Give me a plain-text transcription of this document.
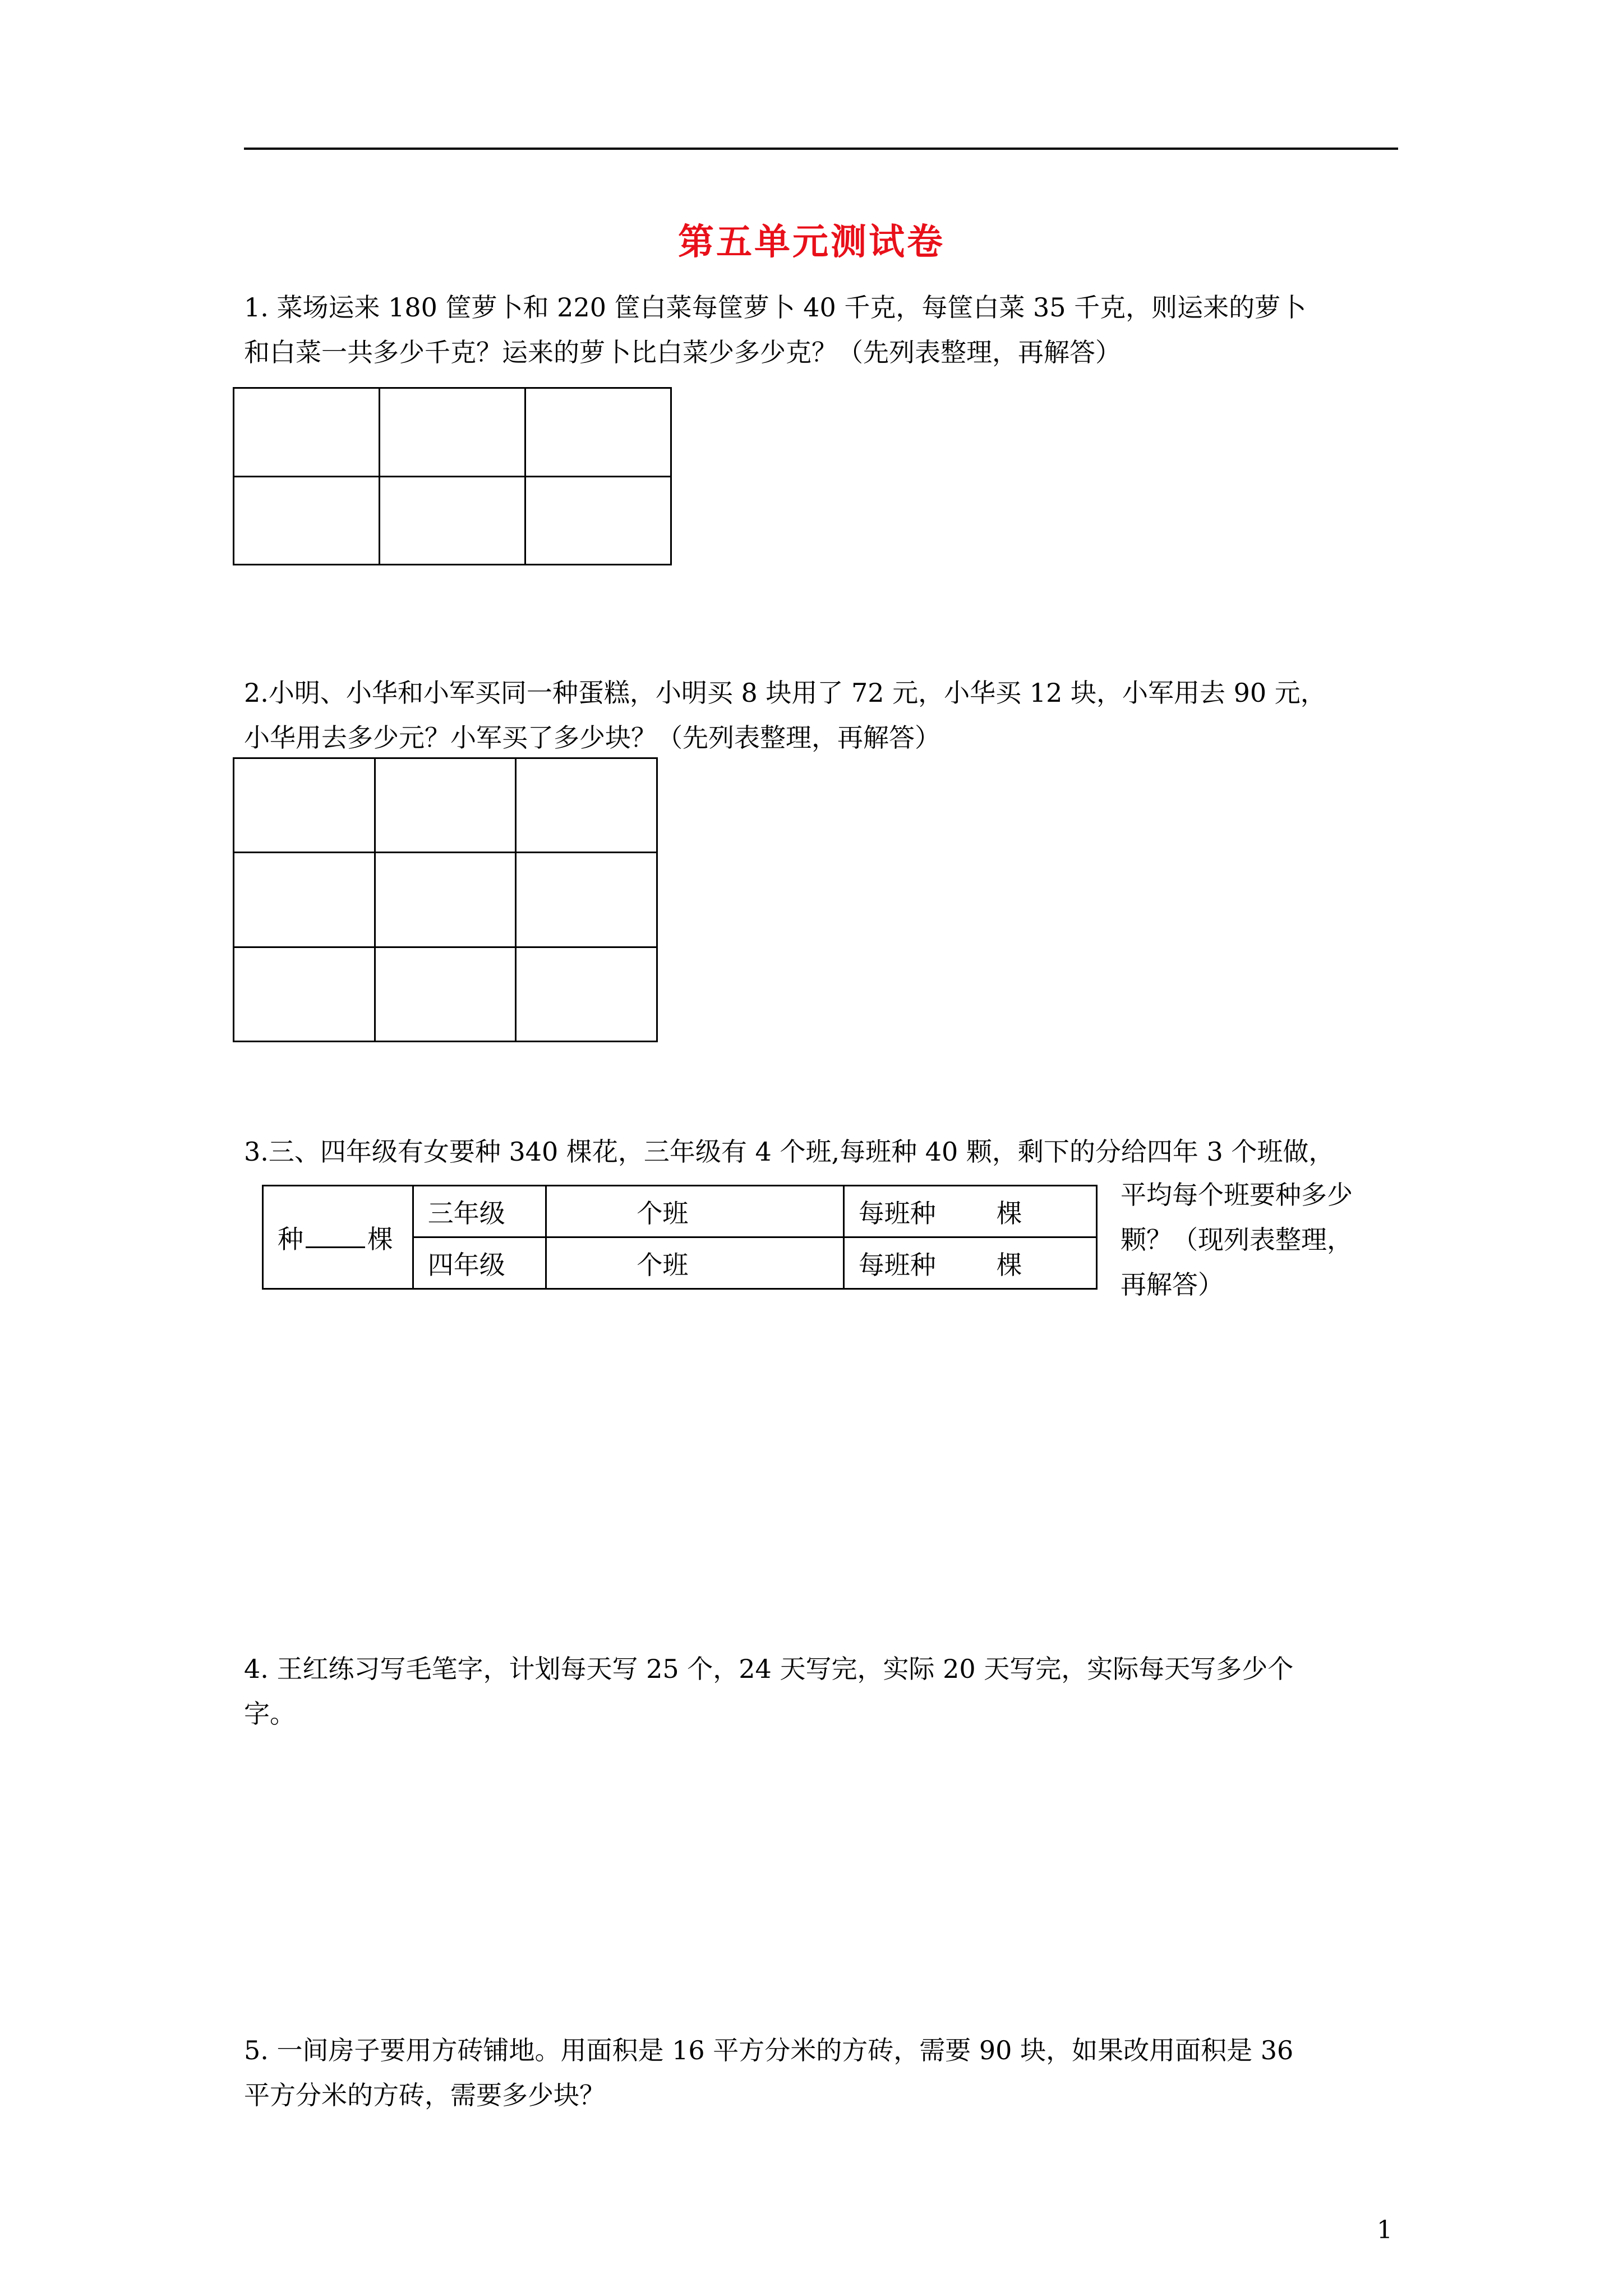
第五单元测试卷
1. 菜场运来 180 筐萝卜和 220 筐白菜每筐萝卜 40 千克，每筐白菜 35 千克，则运来的萝卜
和白菜一共多少千克？运来的萝卜比白菜少多少克？（先列表整理，再解答）

2.小明、小华和小军买同一种蛋糕，小明买 8 块用了 72 元，小华买 12 块，小军用去 90 元，
小华用去多少元？小军买了多少块？（先列表整理，再解答）

3.三、四年级有女要种 340 棵花，三年级有 4 个班,每班种 40 颗，剩下的分给四年 3 个班做，
种 棵	三年级	个班	每班种 棵
	四年级	个班	每班种 棵
平均每个班要种多少
颗？（现列表整理，
再解答）
4. 王红练习写毛笔字，计划每天写 25 个，24 天写完，实际 20 天写完，实际每天写多少个
字。
5. 一间房子要用方砖铺地。用面积是 16 平方分米的方砖，需要 90 块，如果改用面积是 36
平方分米的方砖，需要多少块？
1
